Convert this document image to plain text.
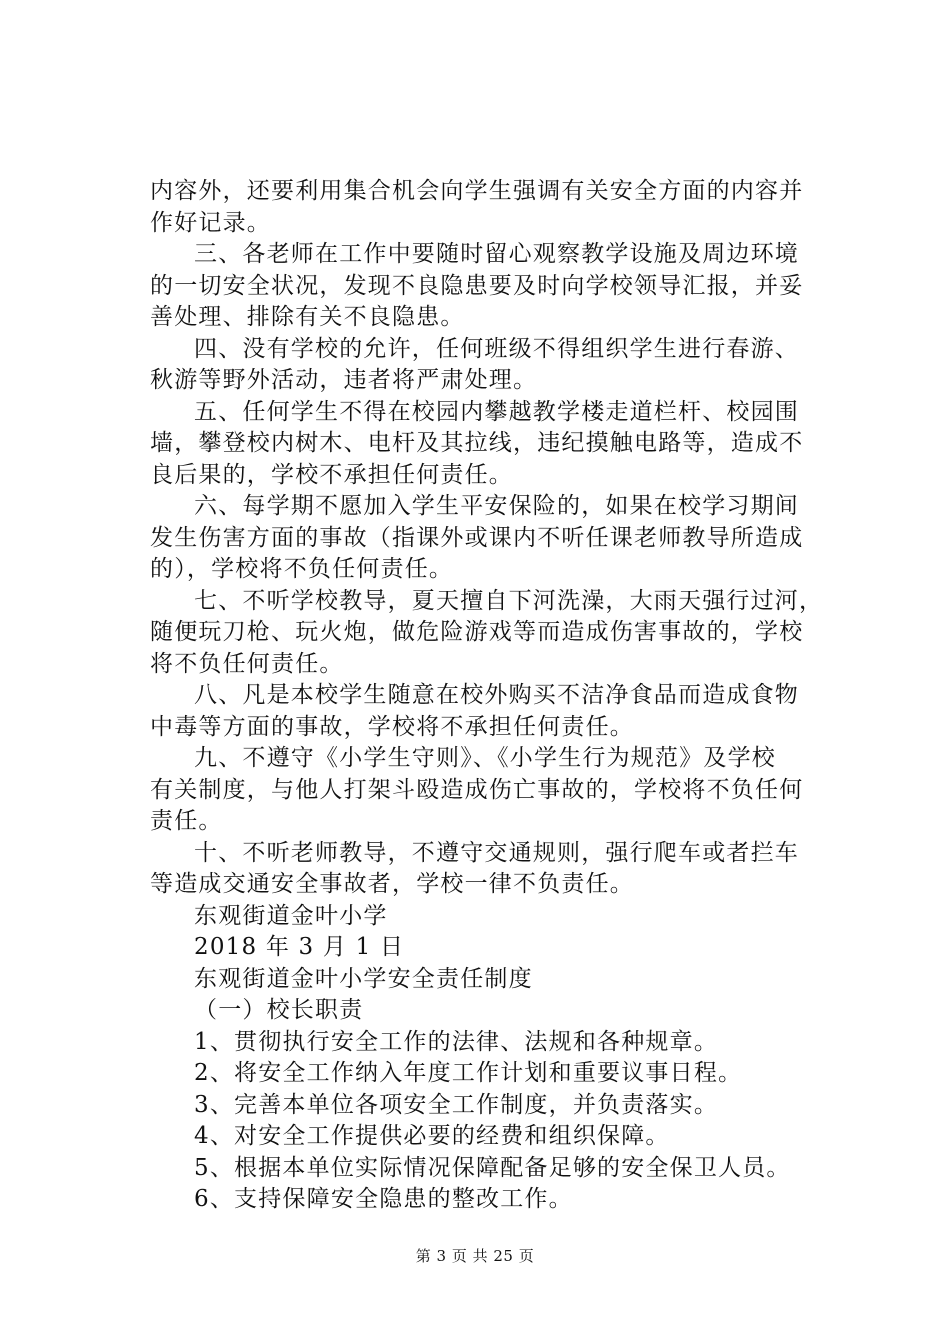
内容外，还要利用集合机会向学生强调有关安全方面的内容并
作好记录。
三、各老师在工作中要随时留心观察教学设施及周边环境
的一切安全状况，发现不良隐患要及时向学校领导汇报，并妥
善处理、排除有关不良隐患。
四、没有学校的允许，任何班级不得组织学生进行春游、
秋游等野外活动，违者将严肃处理。
五、任何学生不得在校园内攀越教学楼走道栏杆、校园围
墙，攀登校内树木、电杆及其拉线，违纪摸触电路等，造成不
良后果的，学校不承担任何责任。
六、每学期不愿加入学生平安保险的，如果在校学习期间
发生伤害方面的事故（指课外或课内不听任课老师教导所造成
的），学校将不负任何责任。
七、不听学校教导，夏天擅自下河洗澡，大雨天强行过河，
随便玩刀枪、玩火炮，做危险游戏等而造成伤害事故的，学校
将不负任何责任。
八、凡是本校学生随意在校外购买不洁净食品而造成食物
中毒等方面的事故，学校将不承担任何责任。
九、不遵守《小学生守则》、《小学生行为规范》及学校
有关制度，与他人打架斗殴造成伤亡事故的，学校将不负任何
责任。
十、不听老师教导，不遵守交通规则，强行爬车或者拦车
等造成交通安全事故者，学校一律不负责任。
东观街道金叶小学
2018 年 3 月 1 日
东观街道金叶小学安全责任制度
（一）校长职责
1、贯彻执行安全工作的法律、法规和各种规章。
2、将安全工作纳入年度工作计划和重要议事日程。
3、完善本单位各项安全工作制度，并负责落实。
4、对安全工作提供必要的经费和组织保障。
5、根据本单位实际情况保障配备足够的安全保卫人员。
6、支持保障安全隐患的整改工作。
第 3 页 共 25 页
